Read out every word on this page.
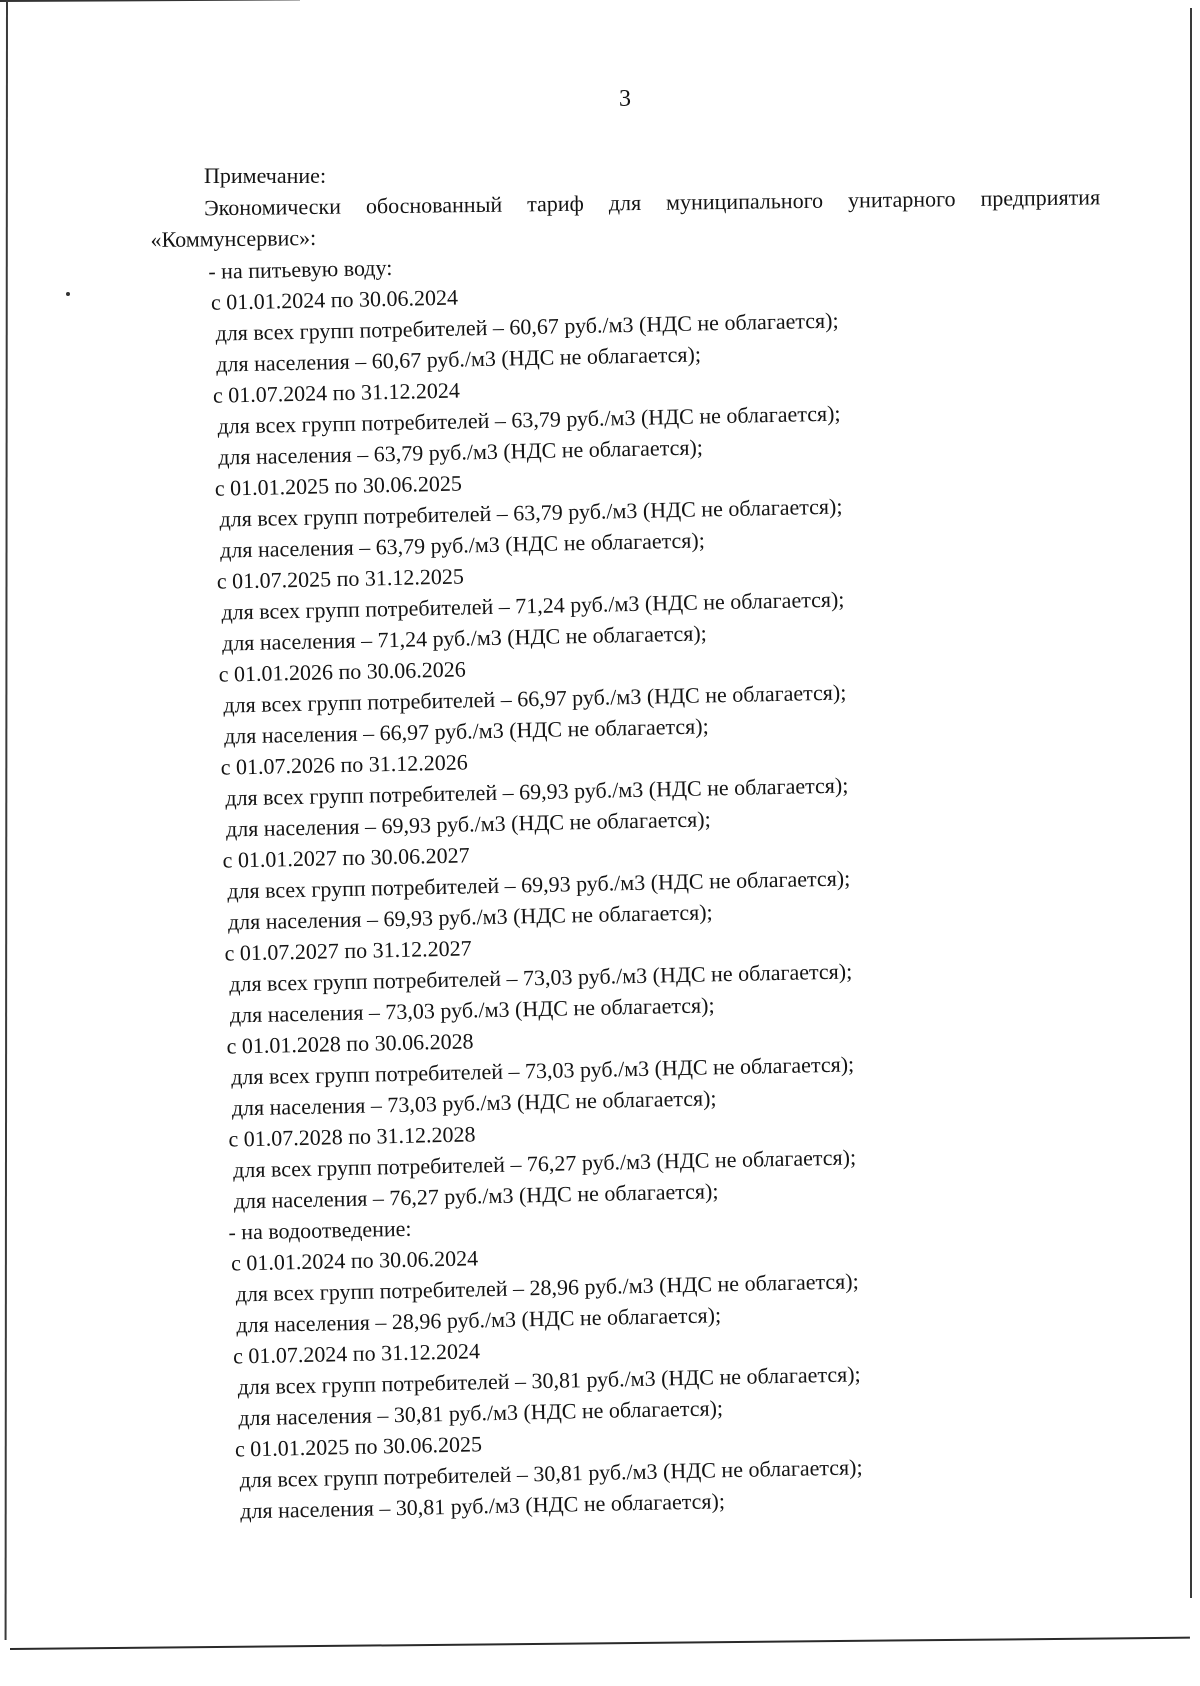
3
Примечание:
Экономически обоснованный тариф для муниципального унитарного предприятия «Коммунсервис»:
- на питьевую воду:
с 01.01.2024 по 30.06.2024
для всех групп потребителей – 60,67 руб./м3 (НДС не облагается);
для населения – 60,67 руб./м3 (НДС не облагается);
с 01.07.2024 по 31.12.2024
для всех групп потребителей – 63,79 руб./м3 (НДС не облагается);
для населения – 63,79 руб./м3 (НДС не облагается);
с 01.01.2025 по 30.06.2025
для всех групп потребителей – 63,79 руб./м3 (НДС не облагается);
для населения – 63,79 руб./м3 (НДС не облагается);
с 01.07.2025 по 31.12.2025
для всех групп потребителей – 71,24 руб./м3 (НДС не облагается);
для населения – 71,24 руб./м3 (НДС не облагается);
с 01.01.2026 по 30.06.2026
для всех групп потребителей – 66,97 руб./м3 (НДС не облагается);
для населения – 66,97 руб./м3 (НДС не облагается);
с 01.07.2026 по 31.12.2026
для всех групп потребителей – 69,93 руб./м3 (НДС не облагается);
для населения – 69,93 руб./м3 (НДС не облагается);
с 01.01.2027 по 30.06.2027
для всех групп потребителей – 69,93 руб./м3 (НДС не облагается);
для населения – 69,93 руб./м3 (НДС не облагается);
с 01.07.2027 по 31.12.2027
для всех групп потребителей – 73,03 руб./м3 (НДС не облагается);
для населения – 73,03 руб./м3 (НДС не облагается);
с 01.01.2028 по 30.06.2028
для всех групп потребителей – 73,03 руб./м3 (НДС не облагается);
для населения – 73,03 руб./м3 (НДС не облагается);
с 01.07.2028 по 31.12.2028
для всех групп потребителей – 76,27 руб./м3 (НДС не облагается);
для населения – 76,27 руб./м3 (НДС не облагается);
- на водоотведение:
с 01.01.2024 по 30.06.2024
для всех групп потребителей – 28,96 руб./м3 (НДС не облагается);
для населения – 28,96 руб./м3 (НДС не облагается);
с 01.07.2024 по 31.12.2024
для всех групп потребителей – 30,81 руб./м3 (НДС не облагается);
для населения – 30,81 руб./м3 (НДС не облагается);
с 01.01.2025 по 30.06.2025
для всех групп потребителей – 30,81 руб./м3 (НДС не облагается);
для населения – 30,81 руб./м3 (НДС не облагается);
